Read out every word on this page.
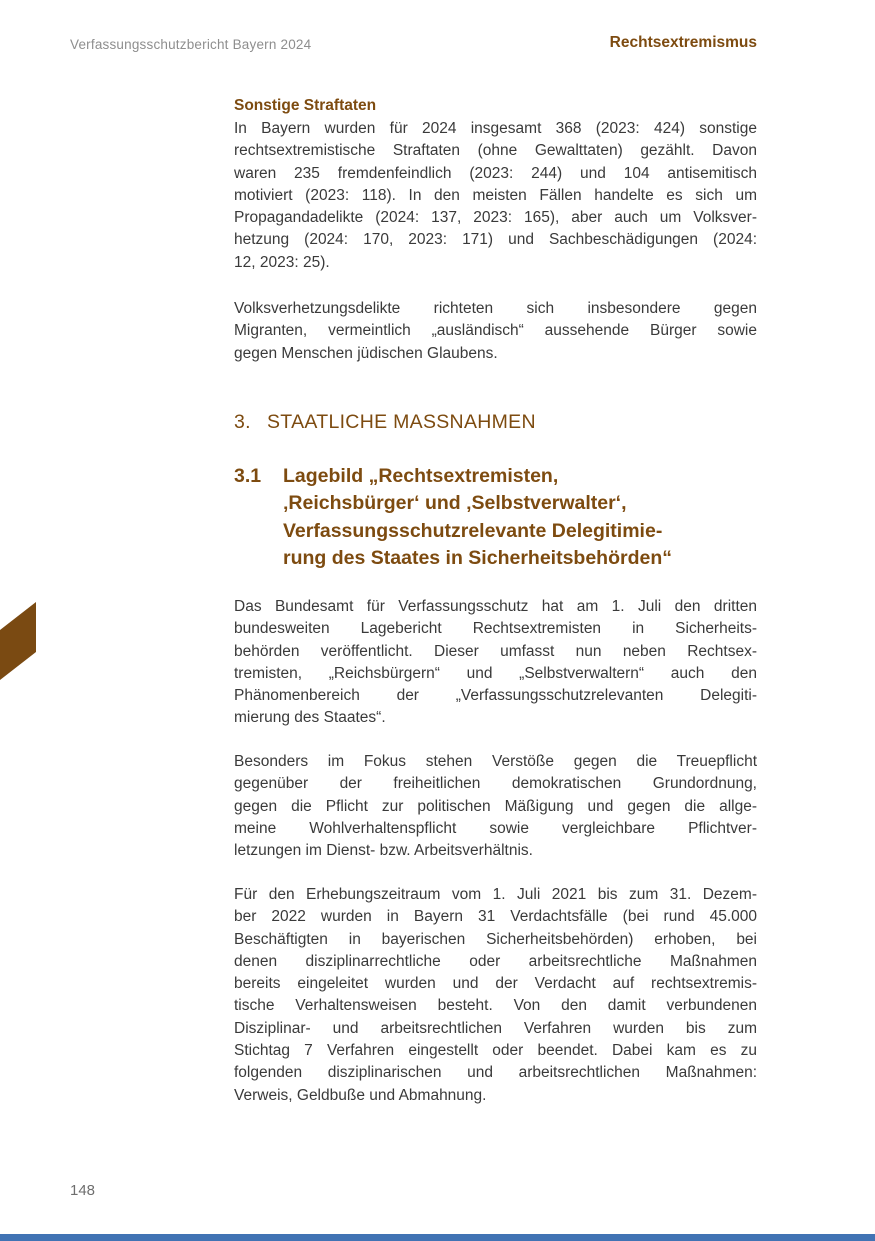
Verfassungsschutzbericht Bayern 2024	Rechtsextremismus
Sonstige Straftaten
In Bayern wurden für 2024 insgesamt 368 (2023: 424) sonstige
rechtsextremistische Straftaten (ohne Gewalttaten) gezählt. Davon
waren 235 fremdenfeindlich (2023: 244) und 104 antisemitisch
motiviert (2023: 118). In den meisten Fällen handelte es sich um
Propagandadelikte (2024: 137, 2023: 165), aber auch um Volksver-
hetzung (2024: 170, 2023: 171) und Sachbeschädigungen (2024:
12, 2023: 25).
Volksverhetzungsdelikte richteten sich insbesondere gegen
Migranten, vermeintlich „ausländisch“ aussehende Bürger sowie
gegen Menschen jüdischen Glaubens.
3. STAATLICHE MASSNAHMEN
3.1	Lagebild „Rechtsextremisten,
‚Reichsbürger‘ und ‚Selbstverwalter‘,
Verfassungsschutzrelevante Delegitimie-
rung des Staates in Sicherheitsbehörden“
Das Bundesamt für Verfassungsschutz hat am 1. Juli den dritten
bundesweiten Lagebericht Rechtsextremisten in Sicherheits-
behörden veröffentlicht. Dieser umfasst nun neben Rechtsex-
tremisten, „Reichsbürgern“ und „Selbstverwaltern“ auch den
Phänomenbereich der „Verfassungsschutzrelevanten Delegiti-
mierung des Staates“.
Besonders im Fokus stehen Verstöße gegen die Treuepflicht
gegenüber der freiheitlichen demokratischen Grundordnung,
gegen die Pflicht zur politischen Mäßigung und gegen die allge-
meine Wohlverhaltenspflicht sowie vergleichbare Pflichtver-
letzungen im Dienst- bzw. Arbeitsverhältnis.
Für den Erhebungszeitraum vom 1. Juli 2021 bis zum 31. Dezem-
ber 2022 wurden in Bayern 31 Verdachtsfälle (bei rund 45.000
Beschäftigten in bayerischen Sicherheitsbehörden) erhoben, bei
denen disziplinarrechtliche oder arbeitsrechtliche Maßnahmen
bereits eingeleitet wurden und der Verdacht auf rechtsextremis-
tische Verhaltensweisen besteht. Von den damit verbundenen
Disziplinar- und arbeitsrechtlichen Verfahren wurden bis zum
Stichtag 7 Verfahren eingestellt oder beendet. Dabei kam es zu
folgenden disziplinarischen und arbeitsrechtlichen Maßnahmen:
Verweis, Geldbuße und Abmahnung.
148
